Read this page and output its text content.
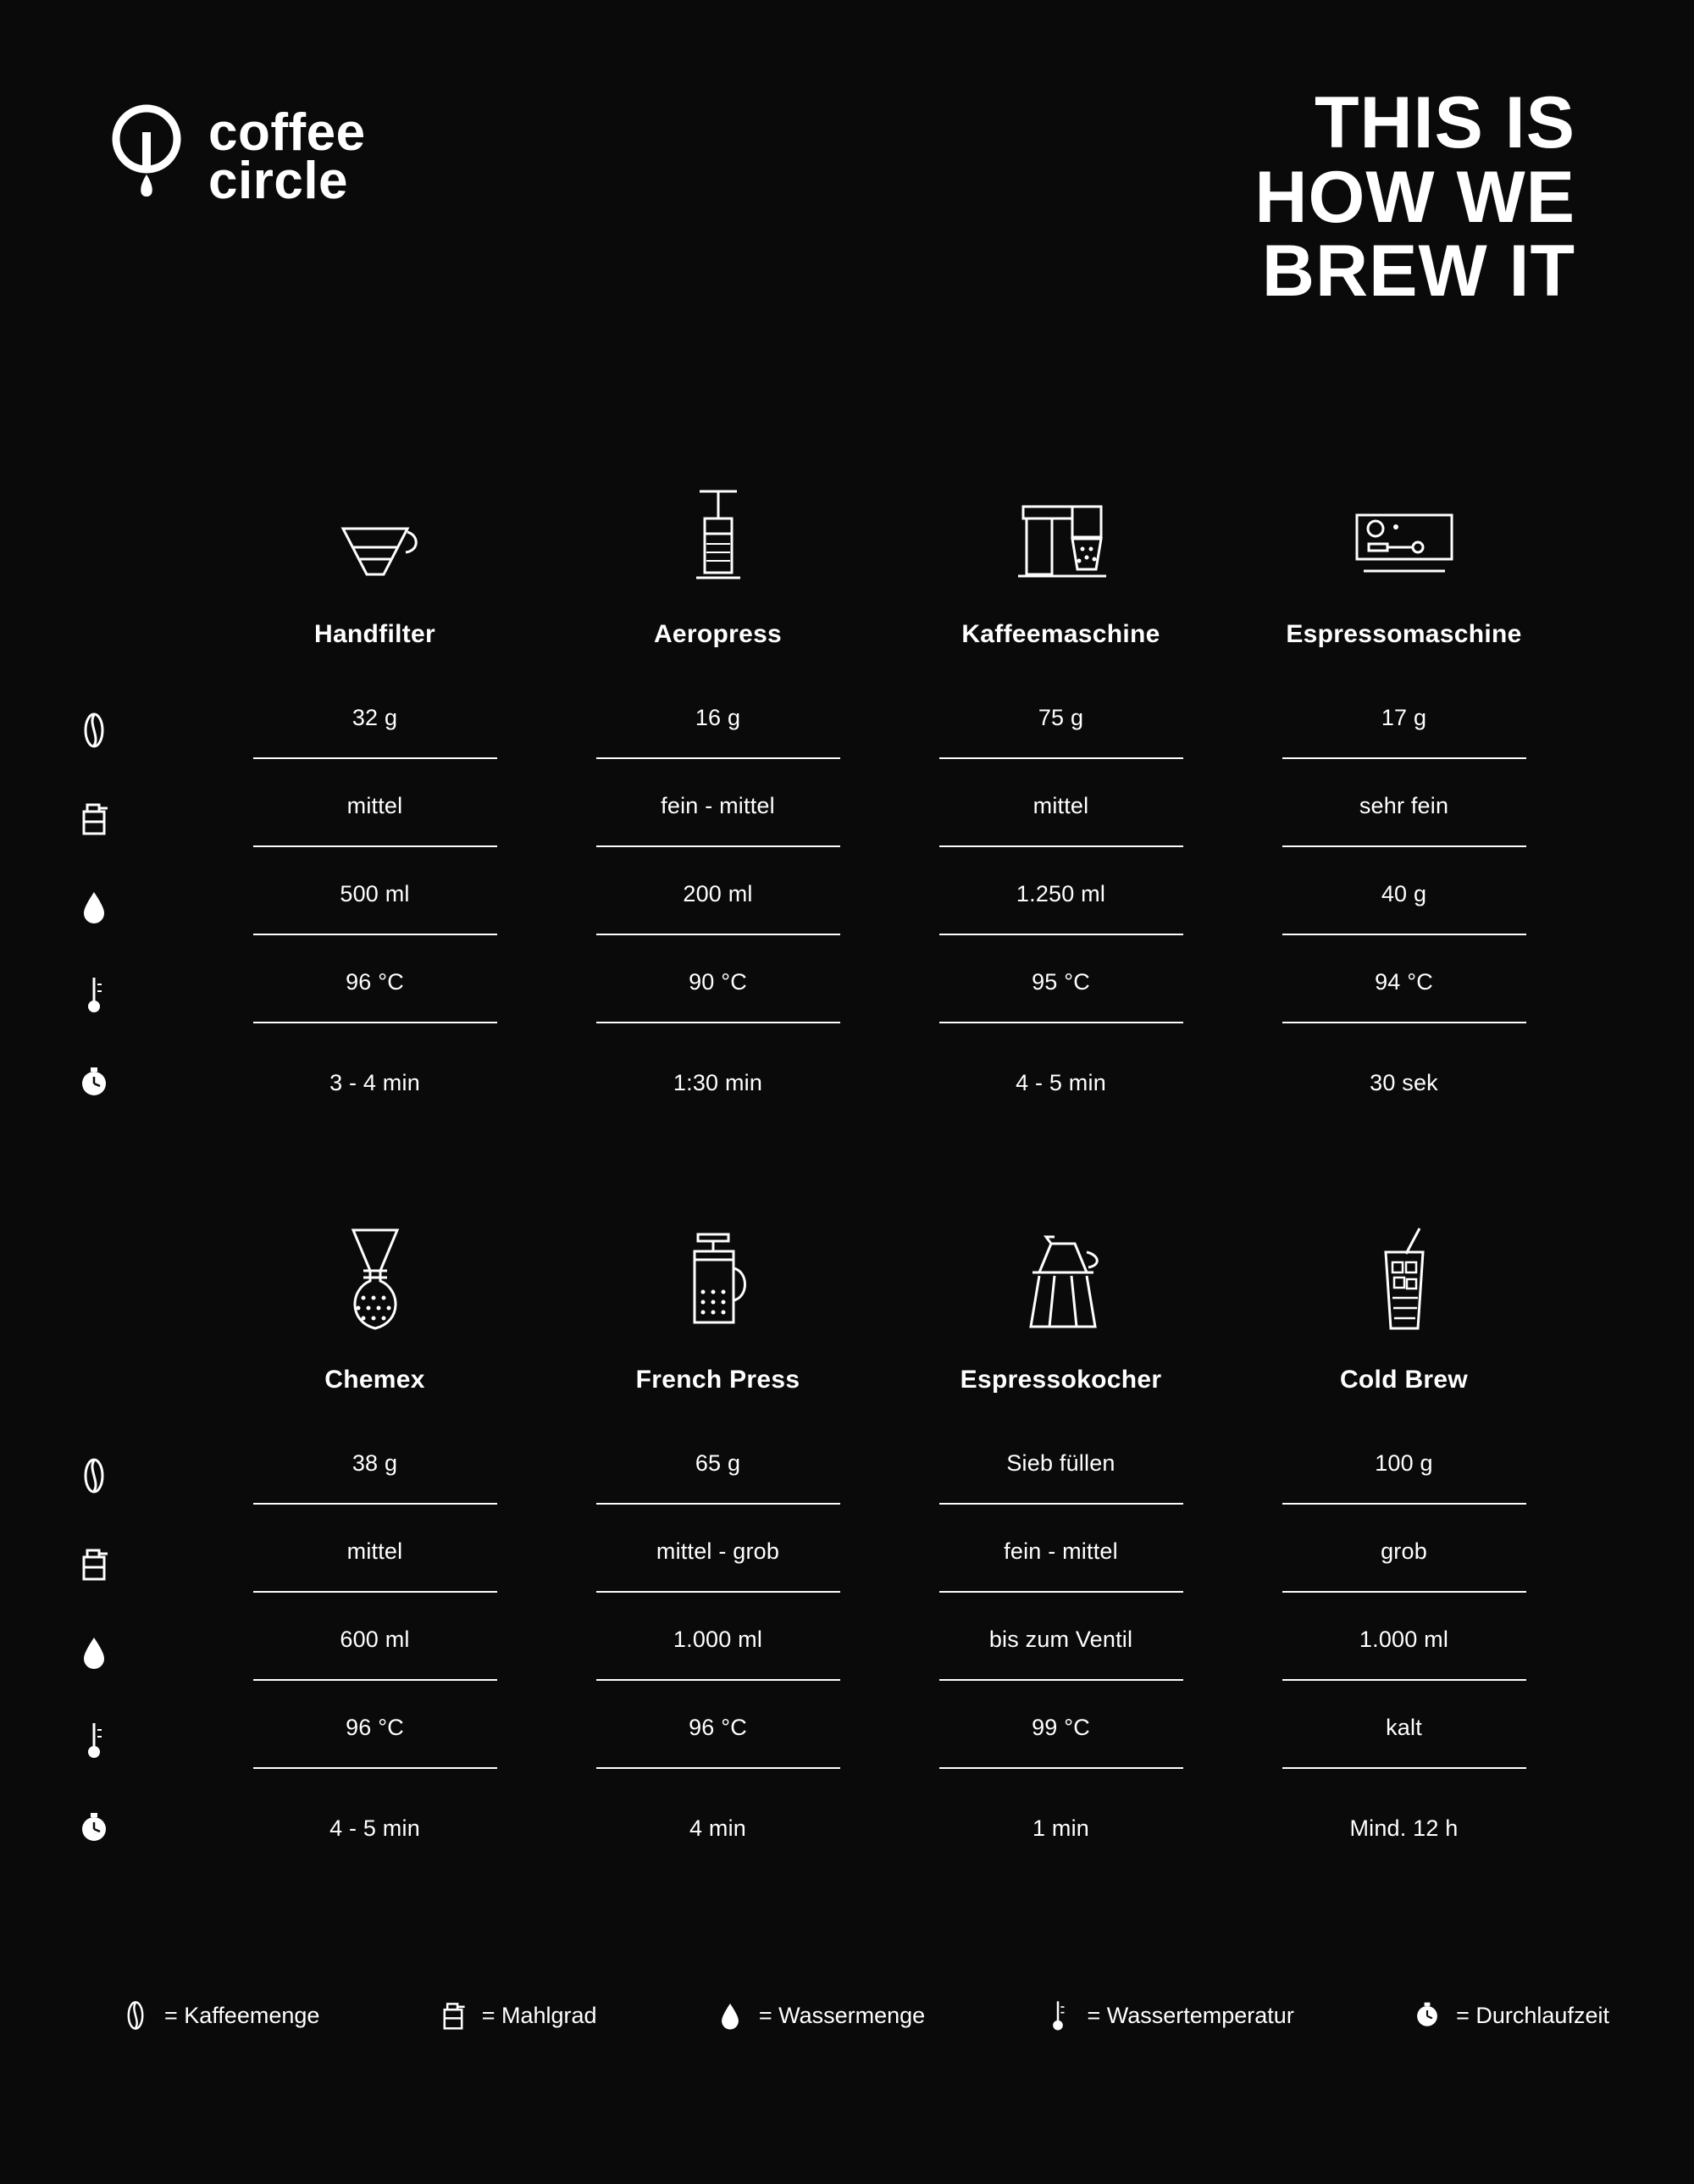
coffee
circle
THIS IS
HOW WE
BREW IT
Handfilter	Aeropress	Kaffeemaschine	Espressomaschine
32 g	16 g	75 g	17 g
mittel	fein - mittel	mittel	sehr fein
500 ml	200 ml	1.250 ml	40 g
96 °C	90 °C	95 °C	94 °C
3 - 4 min	1:30 min	4 - 5 min	30 sek
Chemex	French Press	Espressokocher	Cold Brew
38 g	65 g	Sieb füllen	100 g
mittel	mittel - grob	fein - mittel	grob
600 ml	1.000 ml	bis zum Ventil	1.000 ml
96 °C	96 °C	99 °C	kalt
4 - 5 min	4 min	1 min	Mind. 12 h
= Kaffeemenge	= Mahlgrad	= Wassermenge	= Wassertemperatur	= Durchlaufzeit
